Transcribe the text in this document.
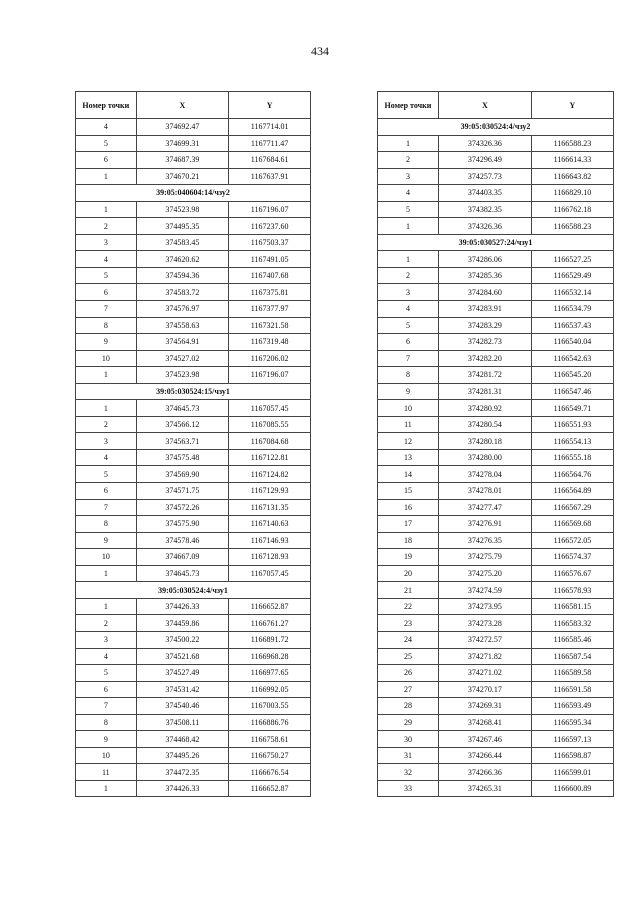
434
Номер точки	X	Y
4	374692.47	1167714.01
5	374699.31	1167711.47
6	374687.39	1167684.61
1	374670.21	1167637.91
39:05:040604:14/чзу2		
1	374523.98	1167196.07
2	374495.35	1167237.60
3	374583.45	1167503.37
4	374620.62	1167491.05
5	374594.36	1167407.68
6	374583.72	1167375.81
7	374576.97	1167377.97
8	374558.63	1167321.58
9	374564.91	1167319.48
10	374527.02	1167206.02
1	374523.98	1167196.07
39:05:030524:15/чзу1		
1	374645.73	1167057.45
2	374566.12	1167085.55
3	374563.71	1167084.68
4	374575.48	1167122.81
5	374569.90	1167124.82
6	374571.75	1167129.93
7	374572.26	1167131.35
8	374575.90	1167140.63
9	374578.46	1167146.93
10	374667.09	1167128.93
1	374645.73	1167057.45
39:05:030524:4/чзу1		
1	374426.33	1166652.87
2	374459.86	1166761.27
3	374500.22	1166891.72
4	374521.68	1166968.28
5	374527.49	1166977.65
6	374531.42	1166992.05
7	374540.46	1167003.55
8	374508.11	1166886.76
9	374468.42	1166758.61
10	374495.26	1166750.27
11	374472.35	1166676.54
1	374426.33	1166652.87
Номер точки	X	Y
39:05:030524:4/чзу2		
1	374326.36	1166588.23
2	374296.49	1166614.33
3	374257.73	1166643.82
4	374403.35	1166829.10
5	374382.35	1166762.18
1	374326.36	1166588.23
39:05:030527:24/чзу1		
1	374286.06	1166527.25
2	374285.36	1166529.49
3	374284.60	1166532.14
4	374283.91	1166534.79
5	374283.29	1166537.43
6	374282.73	1166540.04
7	374282.20	1166542.63
8	374281.72	1166545.20
9	374281.31	1166547.46
10	374280.92	1166549.71
11	374280.54	1166551.93
12	374280.18	1166554.13
13	374280.00	1166555.18
14	374278.04	1166564.76
15	374278.01	1166564.89
16	374277.47	1166567.29
17	374276.91	1166569.68
18	374276.35	1166572.05
19	374275.79	1166574.37
20	374275.20	1166576.67
21	374274.59	1166578.93
22	374273.95	1166581.15
23	374273.28	1166583.32
24	374272.57	1166585.46
25	374271.82	1166587.54
26	374271.02	1166589.58
27	374270.17	1166591.58
28	374269.31	1166593.49
29	374268.41	1166595.34
30	374267.46	1166597.13
31	374266.44	1166598.87
32	374266.36	1166599.01
33	374265.31	1166600.89
